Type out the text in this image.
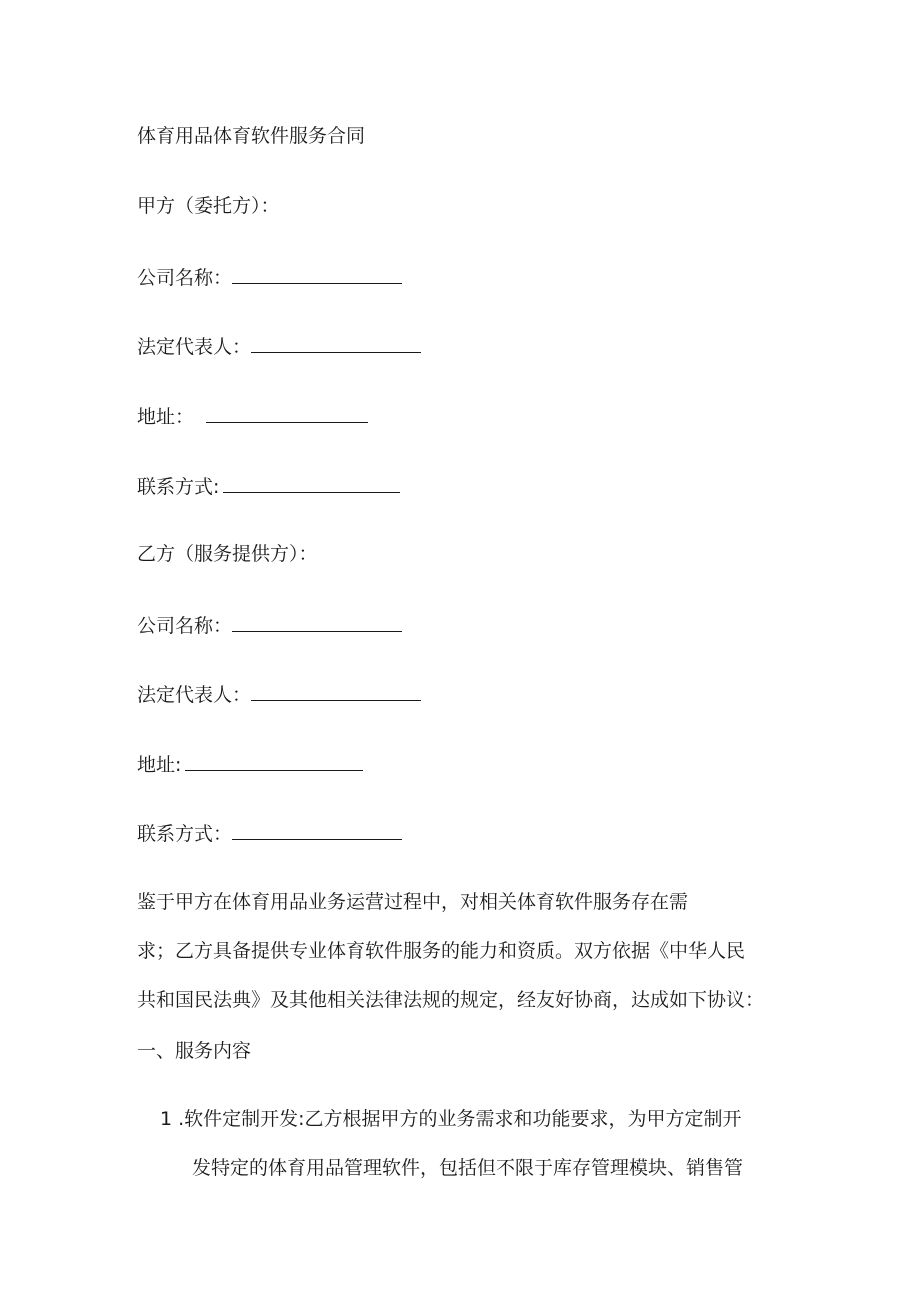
体育用品体育软件服务合同
甲方（委托方）：
公司名称：
法定代表人：
地址：
联系方式:
乙方（服务提供方）：
公司名称：
法定代表人：
地址:
联系方式：
鉴于甲方在体育用品业务运营过程中，对相关体育软件服务存在需
求；乙方具备提供专业体育软件服务的能力和资质。双方依据《中华人民
共和国民法典》及其他相关法律法规的规定，经友好协商，达成如下协议：
一、服务内容
1 .软件定制开发:乙方根据甲方的业务需求和功能要求，为甲方定制开
发特定的体育用品管理软件，包括但不限于库存管理模块、销售管
